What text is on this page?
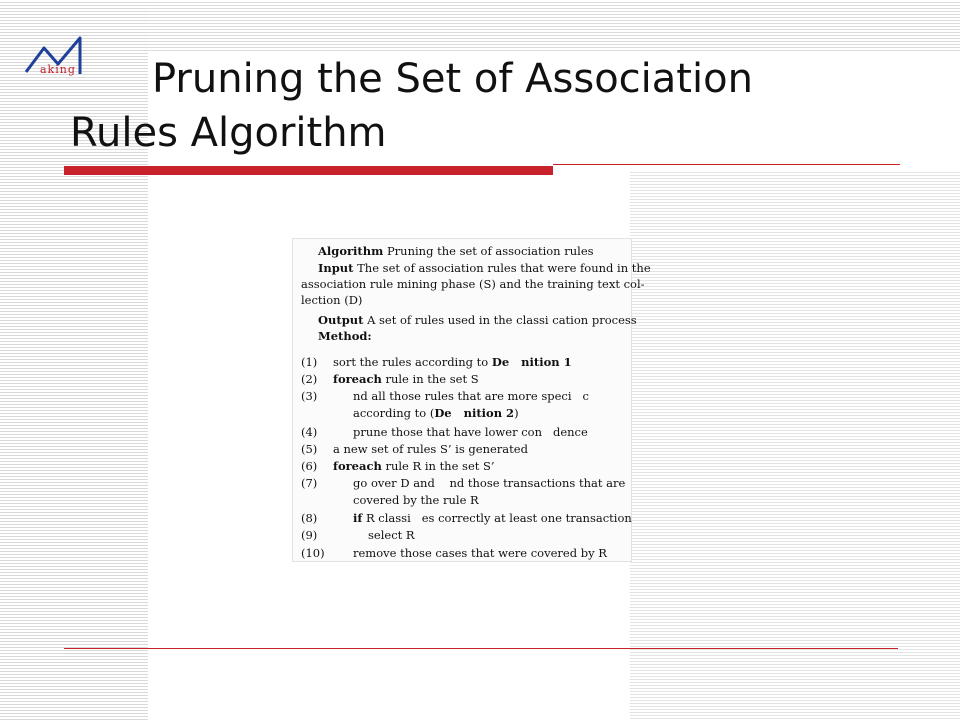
aking	Pruning the Set of Association
Rules Algorithm
Algorithm Pruning the set of association rules
Input The set of association rules that were found in the
association rule mining phase (S) and the training text col-
lection (D)
Output A set of rules used in the classi cation process
Method:
(1) sort the rules according to De   nition 1
(2) foreach rule in the set S
(3)	nd all those rules that are more speci   c
according to (De   nition 2)
(4)	prune those that have lower con   dence
(5) a new set of rules S’ is generated
(6) foreach rule R in the set S’
(7)	go over D and    nd those transactions that are
covered by the rule R
(8)	if R classi   es correctly at least one transaction
(9)	select R
(10) remove those cases that were covered by R
